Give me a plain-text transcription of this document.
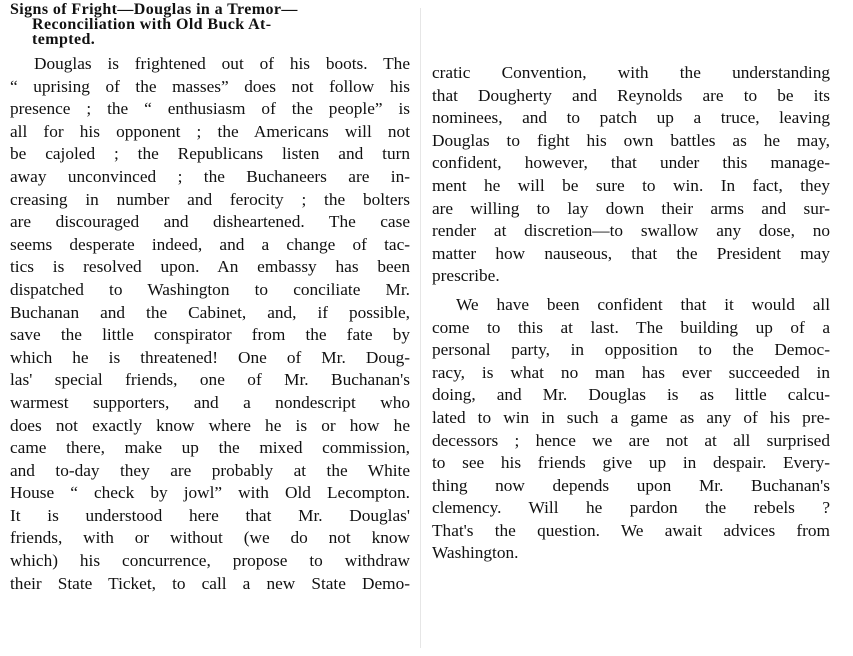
Signs of Fright—Douglas in a Tremor—
Reconciliation with Old Buck At-
tempted.
Douglas is frightened out of his boots. The
“ uprising of the masses” does not follow his
presence ; the “ enthusiasm of the people” is
all for his opponent ; the Americans will not
be cajoled ; the Republicans listen and turn
away unconvinced ; the Buchaneers are in-
creasing in number and ferocity ; the bolters
are discouraged and disheartened. The case
seems desperate indeed, and a change of tac-
tics is resolved upon. An embassy has been
dispatched to Washington to conciliate Mr.
Buchanan and the Cabinet, and, if possible,
save the little conspirator from the fate by
which he is threatened! One of Mr. Doug-
las' special friends, one of Mr. Buchanan's
warmest supporters, and a nondescript who
does not exactly know where he is or how he
came there, make up the mixed commission,
and to-day they are probably at the White
House “ check by jowl” with Old Lecompton.
It is understood here that Mr. Douglas'
friends, with or without (we do not know
which) his concurrence, propose to withdraw
their State Ticket, to call a new State Demo-
cratic Convention, with the understanding
that Dougherty and Reynolds are to be its
nominees, and to patch up a truce, leaving
Douglas to fight his own battles as he may,
confident, however, that under this manage-
ment he will be sure to win. In fact, they
are willing to lay down their arms and sur-
render at discretion—to swallow any dose, no
matter how nauseous, that the President may
prescribe.
We have been confident that it would all
come to this at last. The building up of a
personal party, in opposition to the Democ-
racy, is what no man has ever succeeded in
doing, and Mr. Douglas is as little calcu-
lated to win in such a game as any of his pre-
decessors ; hence we are not at all surprised
to see his friends give up in despair. Every-
thing now depends upon Mr. Buchanan's
clemency. Will he pardon the rebels ?
That's the question. We await advices from
Washington.
